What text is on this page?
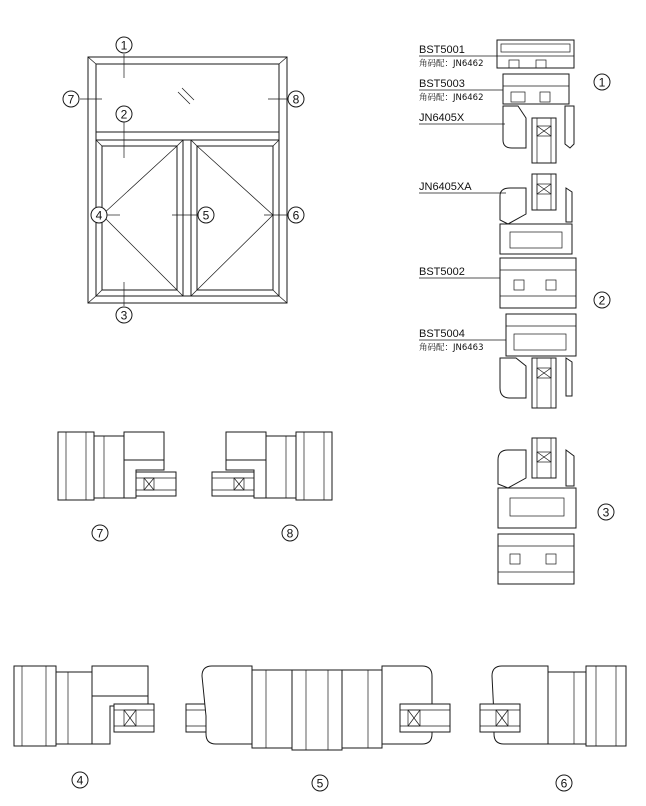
1
2
3
4	5	6
7	8
BST5001
角码配：JN6462
BST5003
角码配：JN6462
JN6405X
1
JN6405XA
BST5002
BST5004
角码配：JN6463
2
3
7	8
4	5	6
